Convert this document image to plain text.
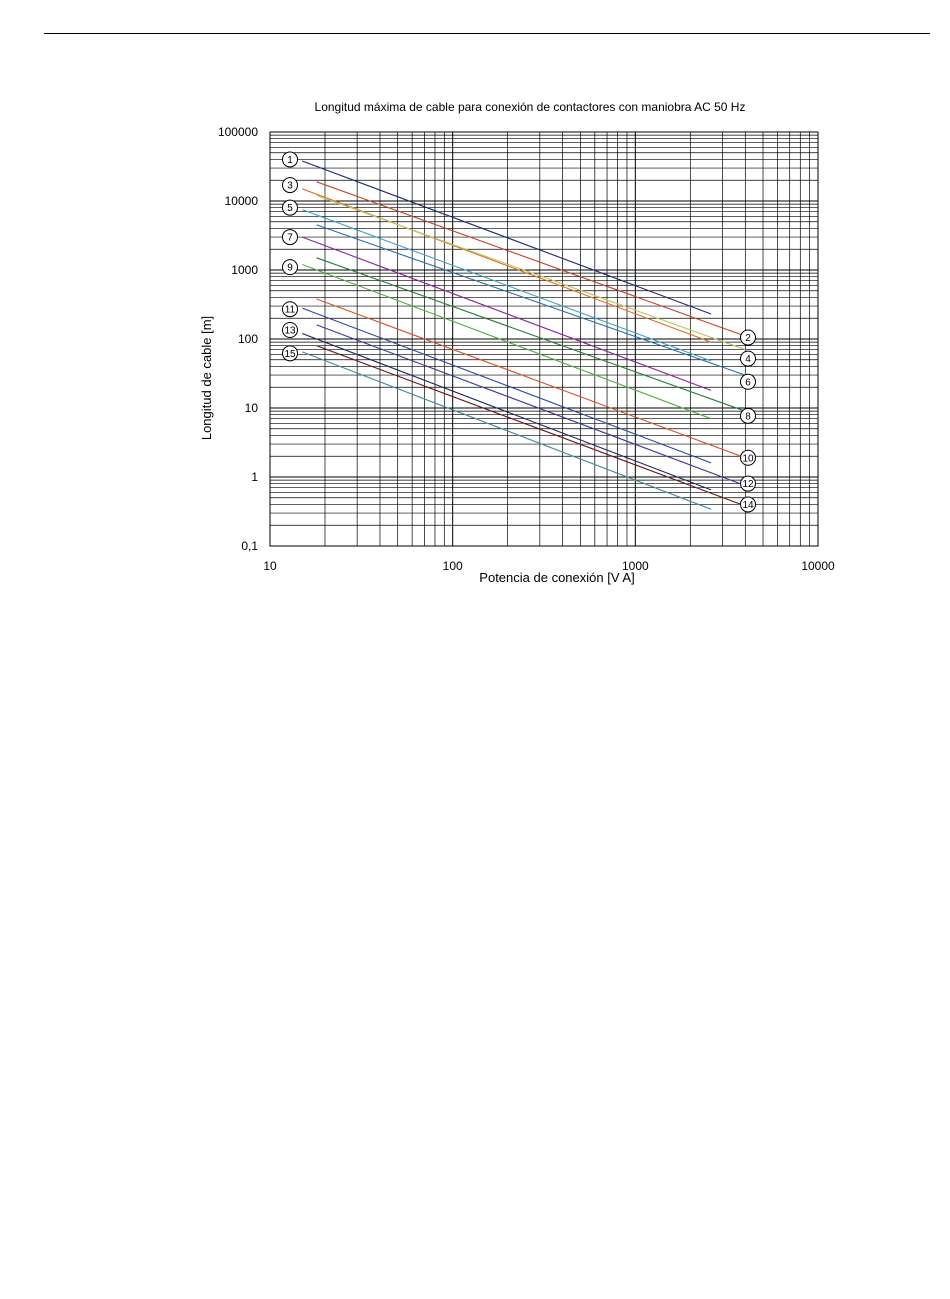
Longitud máxima de cable para conexión de contactores con maniobra AC 50 Hz
10	100	1000	10000
0,1
1
10
100
1000
10000
100000
1
3
5
7
9
11
13
15
2
4
6
8
10
12
14
Potencia de conexión [V A]
Longitud de cable [m]
